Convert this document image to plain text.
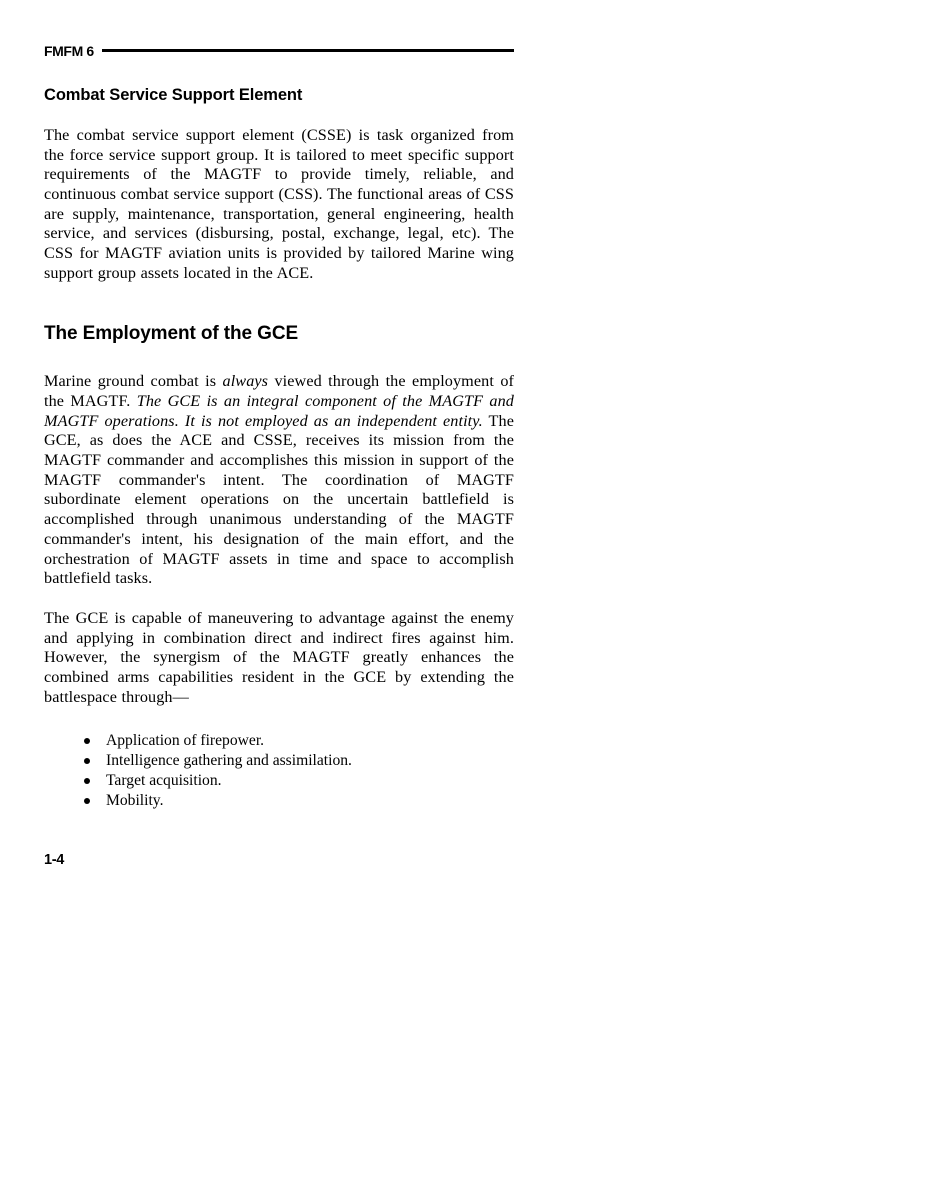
FMFM 6
Combat Service Support Element

The combat service support element (CSSE) is task organized from the force service support group. It is tailored to meet specific support requirements of the MAGTF to provide timely, reliable, and continuous combat service support (CSS). The functional areas of CSS are supply, maintenance, transportation, general engineering, health service, and services (disbursing, postal, exchange, legal, etc). The CSS for MAGTF aviation units is provided by tailored Marine wing support group assets located in the ACE.

The Employment of the GCE

Marine ground combat is always viewed through the employment of the MAGTF. The GCE is an integral component of the MAGTF and MAGTF operations. It is not employed as an independent entity. The GCE, as does the ACE and CSSE, receives its mission from the MAGTF commander and accomplishes this mission in support of the MAGTF commander's intent. The coordination of MAGTF subordinate element operations on the uncertain battlefield is accomplished through unanimous understanding of the MAGTF commander's intent, his designation of the main effort, and the orchestration of MAGTF assets in time and space to accomplish battlefield tasks.

The GCE is capable of maneuvering to advantage against the enemy and applying in combination direct and indirect fires against him. However, the synergism of the MAGTF greatly enhances the combined arms capabilities resident in the GCE by extending the battlespace through—

Application of firepower.
Intelligence gathering and assimilation.
Target acquisition.
Mobility.
1-4
